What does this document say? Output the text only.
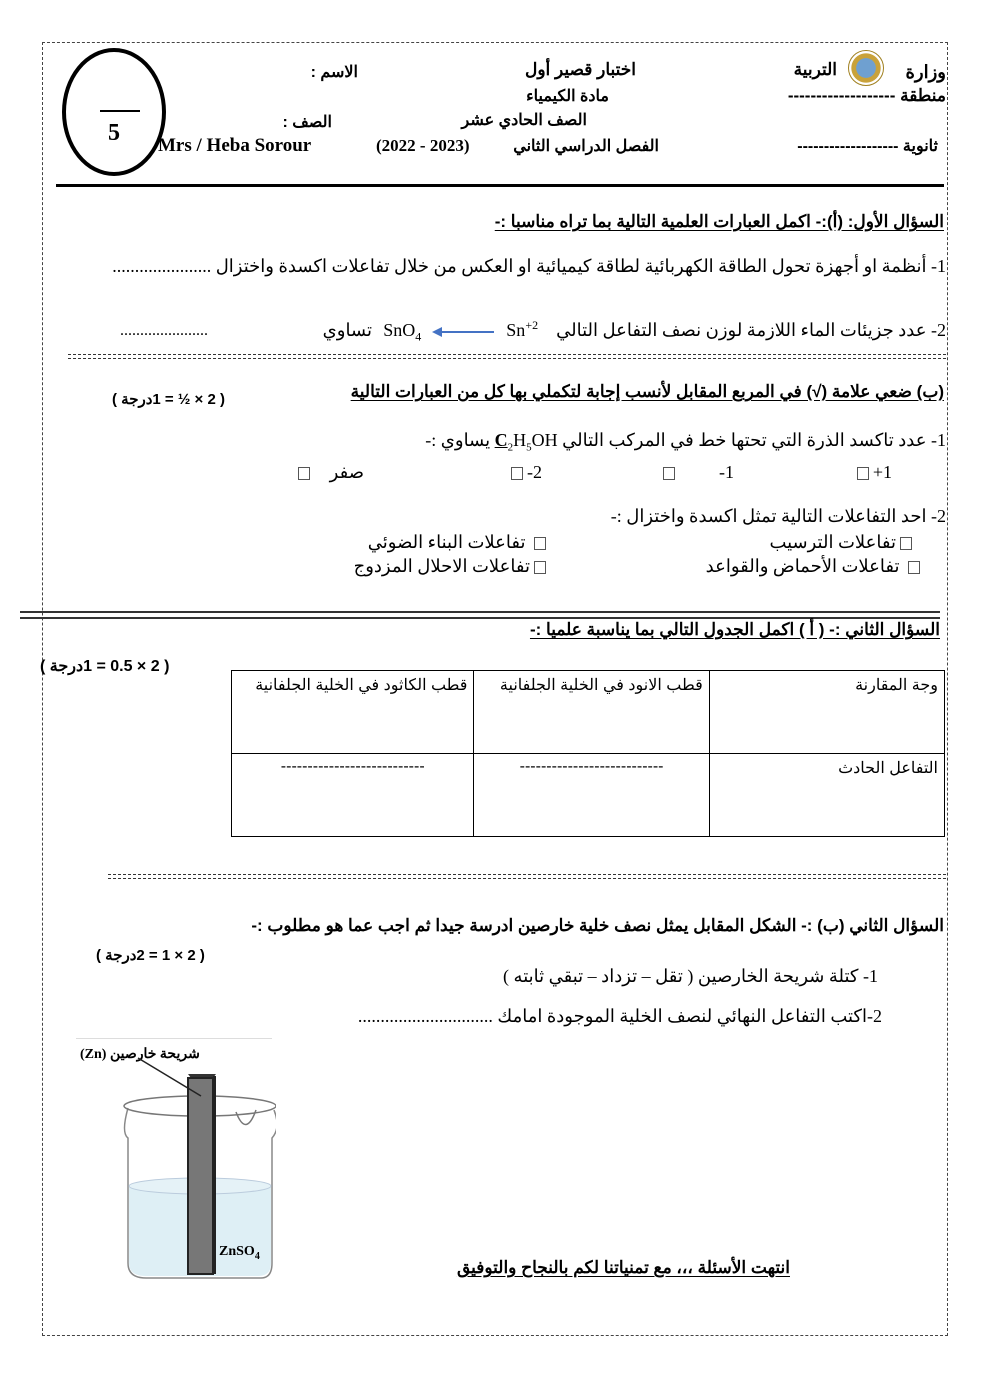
5
وزارة
التربية
منطقة -------------------
ثانوية -------------------
اختبار قصير أول
مادة الكيمياء
الصف الحادي عشر
الفصل الدراسي الثاني
(2022 - 2023)
الاسم :
الصف :
Mrs / Heba Sorour
السؤال الأول: (أ):- اكمل العبارات العلمية التالية بما تراه مناسبا :-
1- أنظمة او أجهزة تحول الطاقة الكهربائية لطاقة كيميائية او العكس من خلال تفاعلات اكسدة واختزال ......................
2- عدد جزيئات الماء اللازمة لوزن نصف التفاعل التالي    SnO$_4$	$Sn^{+2}$
تساوي
......................
(ب) ضعي علامة (√) في المربع المقابل لأنسب إجابة لتكملي بها كل من العبارات التالية
( 2 × ½ = 1درجة )
1- عدد تاكسد الذرة التي تحتها خط في المركب التالي $C_2H_5OH$ يساوي :-
+1
-1
-2
صفر
2- احد التفاعلات التالية تمثل اكسدة واختزال :-
تفاعلات الترسيب
تفاعلات البناء الضوئي
تفاعلات الأحماض والقواعد
تفاعلات الاحلال المزدوج
السؤال الثاني :- ( أ ) اكمل الجدول التالي بما يناسبة علميا :-
( 2 × 0.5 = 1درجة )
وجة المقارنة	قطب الانود في الخلية الجلفانية	قطب الكاثود في الخلية الجلفانية
التفاعل الحادث	---------------------------	---------------------------
السؤال الثاني (ب) :- الشكل المقابل يمثل نصف خلية خارصين ادرسة جيدا ثم اجب عما هو مطلوب :-
( 2 × 1 = 2درجة )
1- كتلة شريحة الخارصين ( تقل – تزداد – تبقي ثابته )
2-اكتب التفاعل النهائي لنصف الخلية الموجودة امامك ..............................
شريحة خارصين (Zn)
ZnSO$_4$
انتهت الأسئلة ،،، مع تمنياتنا لكم بالنجاح والتوفيق
